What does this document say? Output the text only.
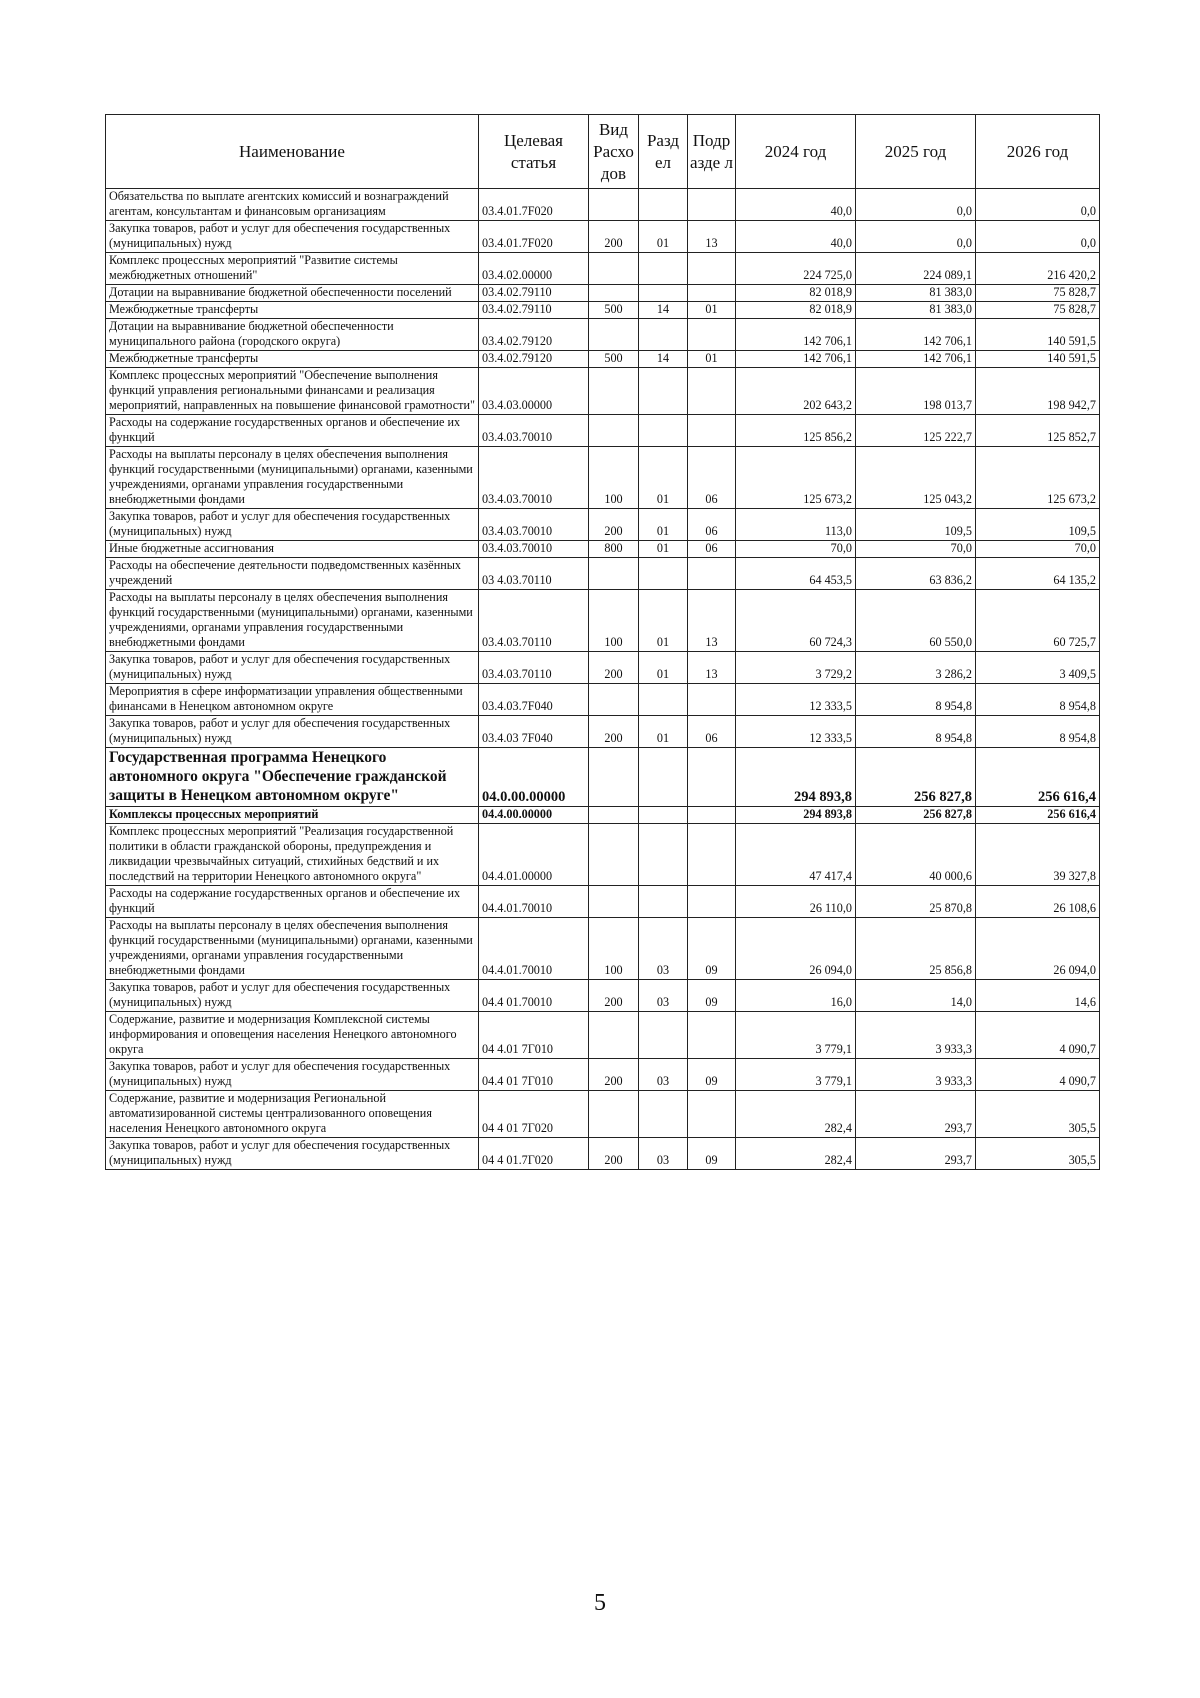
Наименование	Целевая статья	Вид Расхо дов	Разд ел	Подр азде л	2024 год	2025 год	2026 год
Обязательства по выплате агентских комиссий и вознаграждений агентам, консультантам и финансовым организациям	03.4.01.7F020				40,0	0,0	0,0
Закупка товаров, работ и услуг для обеспечения государственных (муниципальных) нужд	03.4.01.7F020	200	01	13	40,0	0,0	0,0
Комплекс процессных мероприятий "Развитие системы межбюджетных отношений"	03.4.02.00000				224 725,0	224 089,1	216 420,2
Дотации на выравнивание бюджетной обеспеченности поселений	03.4.02.79110				82 018,9	81 383,0	75 828,7
Межбюджетные трансферты	03.4.02.79110	500	14	01	82 018,9	81 383,0	75 828,7
Дотации на выравнивание бюджетной обеспеченности муниципального района (городского округа)	03.4.02.79120				142 706,1	142 706,1	140 591,5
Межбюджетные трансферты	03.4.02.79120	500	14	01	142 706,1	142 706,1	140 591,5
Комплекс процессных мероприятий "Обеспечение выполнения функций управления региональными финансами и реализация мероприятий, направленных на повышение финансовой грамотности"	03.4.03.00000				202 643,2	198 013,7	198 942,7
Расходы на содержание государственных органов и обеспечение их функций	03.4.03.70010				125 856,2	125 222,7	125 852,7
Расходы на выплаты персоналу в целях обеспечения выполнения функций государственными (муниципальными) органами, казенными учреждениями, органами управления государственными внебюджетными фондами	03.4.03.70010	100	01	06	125 673,2	125 043,2	125 673,2
Закупка товаров, работ и услуг для обеспечения государственных (муниципальных) нужд	03.4.03.70010	200	01	06	113,0	109,5	109,5
Иные бюджетные ассигнования	03.4.03.70010	800	01	06	70,0	70,0	70,0
Расходы на обеспечение деятельности подведомственных казённых учреждений	03 4.03.70110				64 453,5	63 836,2	64 135,2
Расходы на выплаты персоналу в целях обеспечения выполнения функций государственными (муниципальными) органами, казенными учреждениями, органами управления государственными внебюджетными фондами	03.4.03.70110	100	01	13	60 724,3	60 550,0	60 725,7
Закупка товаров, работ и услуг для обеспечения государственных (муниципальных) нужд	03.4.03.70110	200	01	13	3 729,2	3 286,2	3 409,5
Мероприятия в сфере информатизации управления общественными финансами в Ненецком автономном округе	03.4.03.7F040				12 333,5	8 954,8	8 954,8
Закупка товаров, работ и услуг для обеспечения государственных (муниципальных) нужд	03.4.03 7F040	200	01	06	12 333,5	8 954,8	8 954,8
Государственная программа Ненецкого автономного округа "Обеспечение гражданской защиты в Ненецком автономном округе"	04.0.00.00000				294 893,8	256 827,8	256 616,4
Комплексы процессных мероприятий	04.4.00.00000				294 893,8	256 827,8	256 616,4
Комплекс процессных мероприятий "Реализация государственной политики в области гражданской обороны, предупреждения и ликвидации чрезвычайных ситуаций, стихийных бедствий и их последствий на территории Ненецкого автономного округа"	04.4.01.00000				47 417,4	40 000,6	39 327,8
Расходы на содержание государственных органов и обеспечение их функций	04.4.01.70010				26 110,0	25 870,8	26 108,6
Расходы на выплаты персоналу в целях обеспечения выполнения функций государственными (муниципальными) органами, казенными учреждениями, органами управления государственными внебюджетными фондами	04.4.01.70010	100	03	09	26 094,0	25 856,8	26 094,0
Закупка товаров, работ и услуг для обеспечения государственных (муниципальных) нужд	04.4 01.70010	200	03	09	16,0	14,0	14,6
Содержание, развитие и модернизация Комплексной системы информирования и оповещения населения Ненецкого автономного округа	04 4.01 7Г010				3 779,1	3 933,3	4 090,7
Закупка товаров, работ и услуг для обеспечения государственных (муниципальных) нужд	04.4 01 7Г010	200	03	09	3 779,1	3 933,3	4 090,7
Содержание, развитие и модернизация Региональной автоматизированной системы централизованного оповещения населения Ненецкого автономного округа	04 4 01 7Г020				282,4	293,7	305,5
Закупка товаров, работ и услуг для обеспечения государственных (муниципальных) нужд	04 4 01.7Г020	200	03	09	282,4	293,7	305,5
5
